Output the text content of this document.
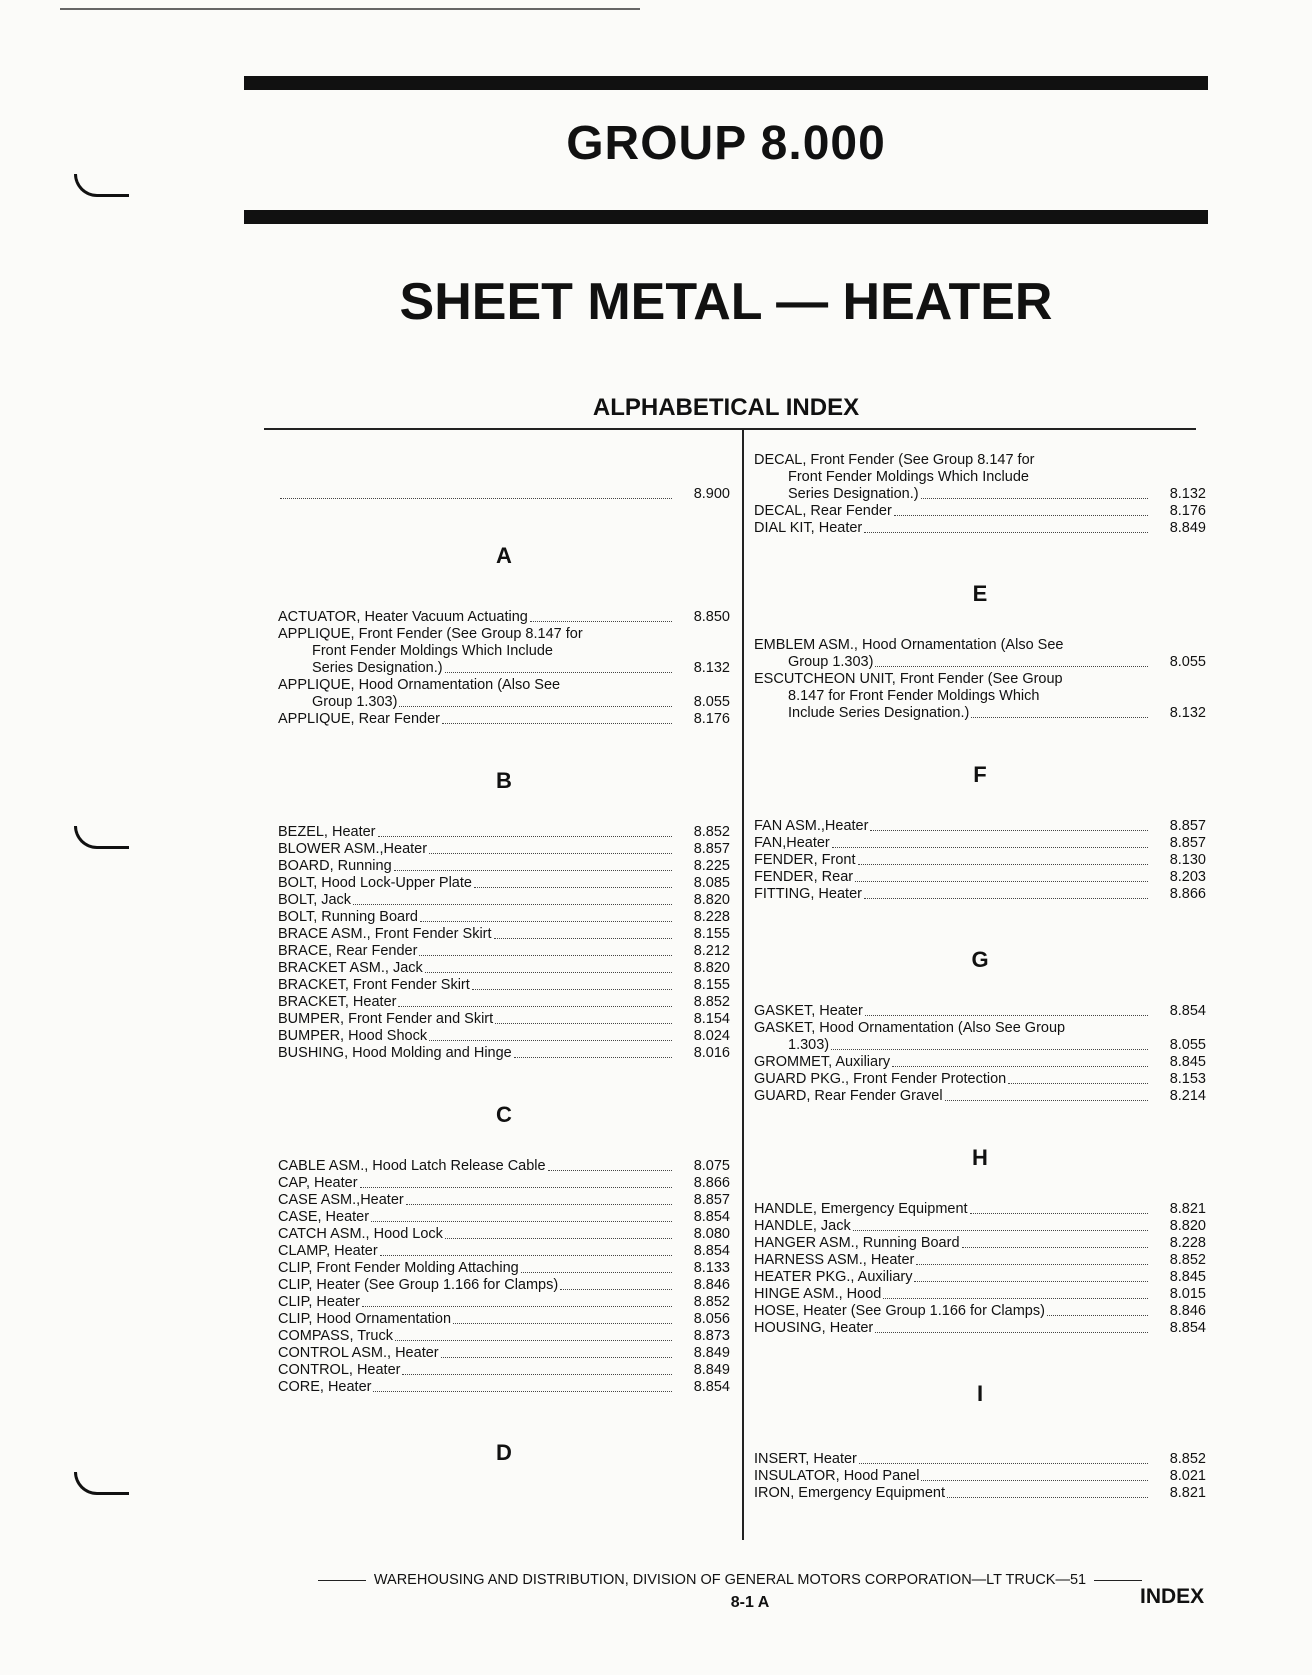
GROUP 8.000
SHEET METAL — HEATER
ALPHABETICAL INDEX
8.900
A
ACTUATOR, Heater Vacuum Actuating	8.850
APPLIQUE, Front Fender (See Group 8.147 for
Front Fender Moldings Which Include
Series Designation.)	8.132
APPLIQUE, Hood Ornamentation (Also See
Group 1.303)	8.055
APPLIQUE, Rear Fender	8.176
B
BEZEL, Heater	8.852
BLOWER ASM.,Heater	8.857
BOARD, Running	8.225
BOLT, Hood Lock-Upper Plate	8.085
BOLT, Jack	8.820
BOLT, Running Board	8.228
BRACE ASM., Front Fender Skirt	8.155
BRACE, Rear Fender	8.212
BRACKET ASM., Jack	8.820
BRACKET, Front Fender Skirt	8.155
BRACKET, Heater	8.852
BUMPER, Front Fender and Skirt	8.154
BUMPER, Hood Shock	8.024
BUSHING, Hood Molding and Hinge	8.016
C
CABLE ASM., Hood Latch Release Cable	8.075
CAP, Heater	8.866
CASE ASM.,Heater	8.857
CASE, Heater	8.854
CATCH ASM., Hood Lock	8.080
CLAMP, Heater	8.854
CLIP, Front Fender Molding Attaching	8.133
CLIP, Heater (See Group 1.166 for Clamps)	8.846
CLIP, Heater	8.852
CLIP, Hood Ornamentation	8.056
COMPASS, Truck	8.873
CONTROL ASM., Heater	8.849
CONTROL, Heater	8.849
CORE, Heater	8.854
D
DECAL, Front Fender (See Group 8.147 for
Front Fender Moldings Which Include
Series Designation.)	8.132
DECAL, Rear Fender	8.176
DIAL KIT, Heater	8.849
E
EMBLEM ASM., Hood Ornamentation (Also See
Group 1.303)	8.055
ESCUTCHEON UNIT, Front Fender (See Group
8.147 for Front Fender Moldings Which
Include Series Designation.)	8.132
F
FAN ASM.,Heater	8.857
FAN,Heater	8.857
FENDER, Front	8.130
FENDER, Rear	8.203
FITTING, Heater	8.866
G
GASKET, Heater	8.854
GASKET, Hood Ornamentation (Also See Group
1.303)	8.055
GROMMET, Auxiliary	8.845
GUARD PKG., Front Fender Protection	8.153
GUARD, Rear Fender Gravel	8.214
H
HANDLE, Emergency Equipment	8.821
HANDLE, Jack	8.820
HANGER ASM., Running Board	8.228
HARNESS ASM., Heater	8.852
HEATER PKG., Auxiliary	8.845
HINGE ASM., Hood	8.015
HOSE, Heater (See Group 1.166 for Clamps)	8.846
HOUSING, Heater	8.854
I
INSERT, Heater	8.852
INSULATOR, Hood Panel	8.021
IRON, Emergency Equipment	8.821
WAREHOUSING AND DISTRIBUTION, DIVISION OF GENERAL MOTORS CORPORATION—LT TRUCK—51
8-1 A	INDEX
